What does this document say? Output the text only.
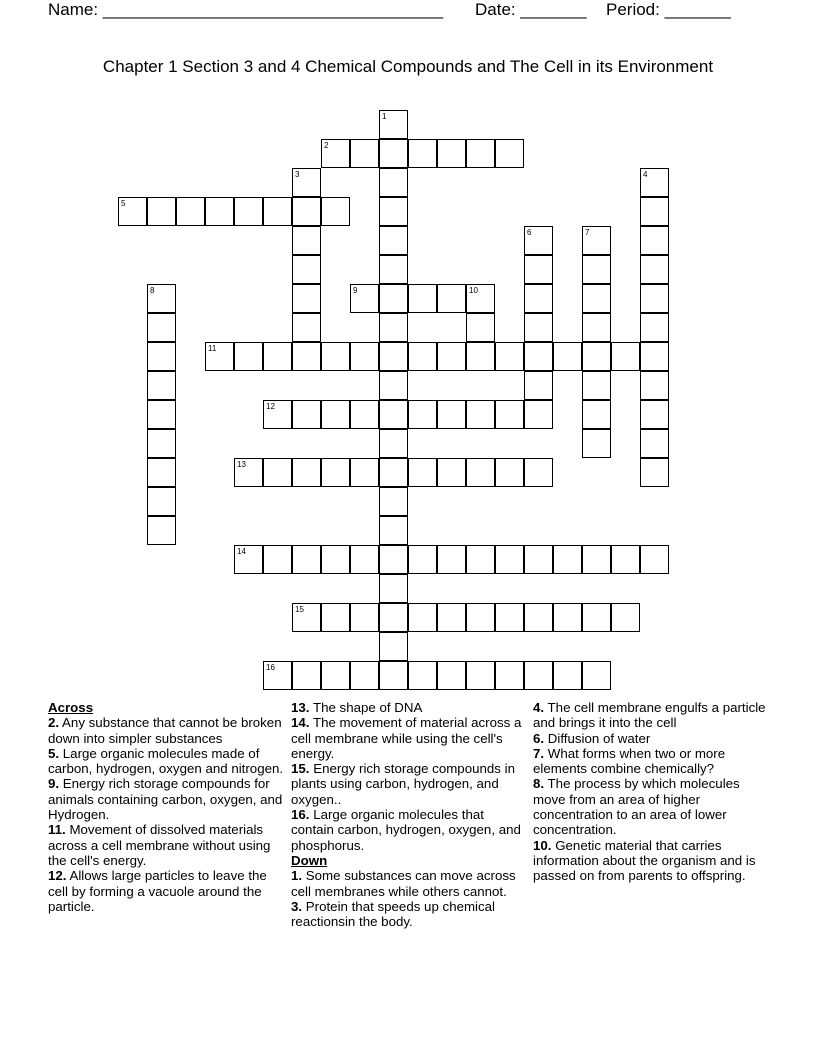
Name: ____________________________________ Date: _______ Period: _______
Chapter 1 Section 3 and 4 Chemical Compounds and The Cell in its Environment
1
2
3	4
5
6	7
8	9	10
11
12
13
14
15
16
Across
2. Any substance that cannot be broken down into simpler substances
5. Large organic molecules made of carbon, hydrogen, oxygen and nitrogen.
9. Energy rich storage compounds for animals containing carbon, oxygen, and Hydrogen.
11. Movement of dissolved materials across a cell membrane without using the cell's energy.
12. Allows large particles to leave the cell by forming a vacuole around the particle.
13. The shape of DNA
14. The movement of material across a cell membrane while using the cell's energy.
15. Energy rich storage compounds in plants using carbon, hydrogen, and oxygen..
16. Large organic molecules that contain carbon, hydrogen, oxygen, and phosphorus.
Down
1. Some substances can move across cell membranes while others cannot.
3. Protein that speeds up chemical reactionsin the body.
4. The cell membrane engulfs a particle and brings it into the cell
6. Diffusion of water
7. What forms when two or more elements combine chemically?
8. The process by which molecules move from an area of higher concentration to an area of lower concentration.
10. Genetic material that carries information about the organism and is passed on from parents to offspring.
